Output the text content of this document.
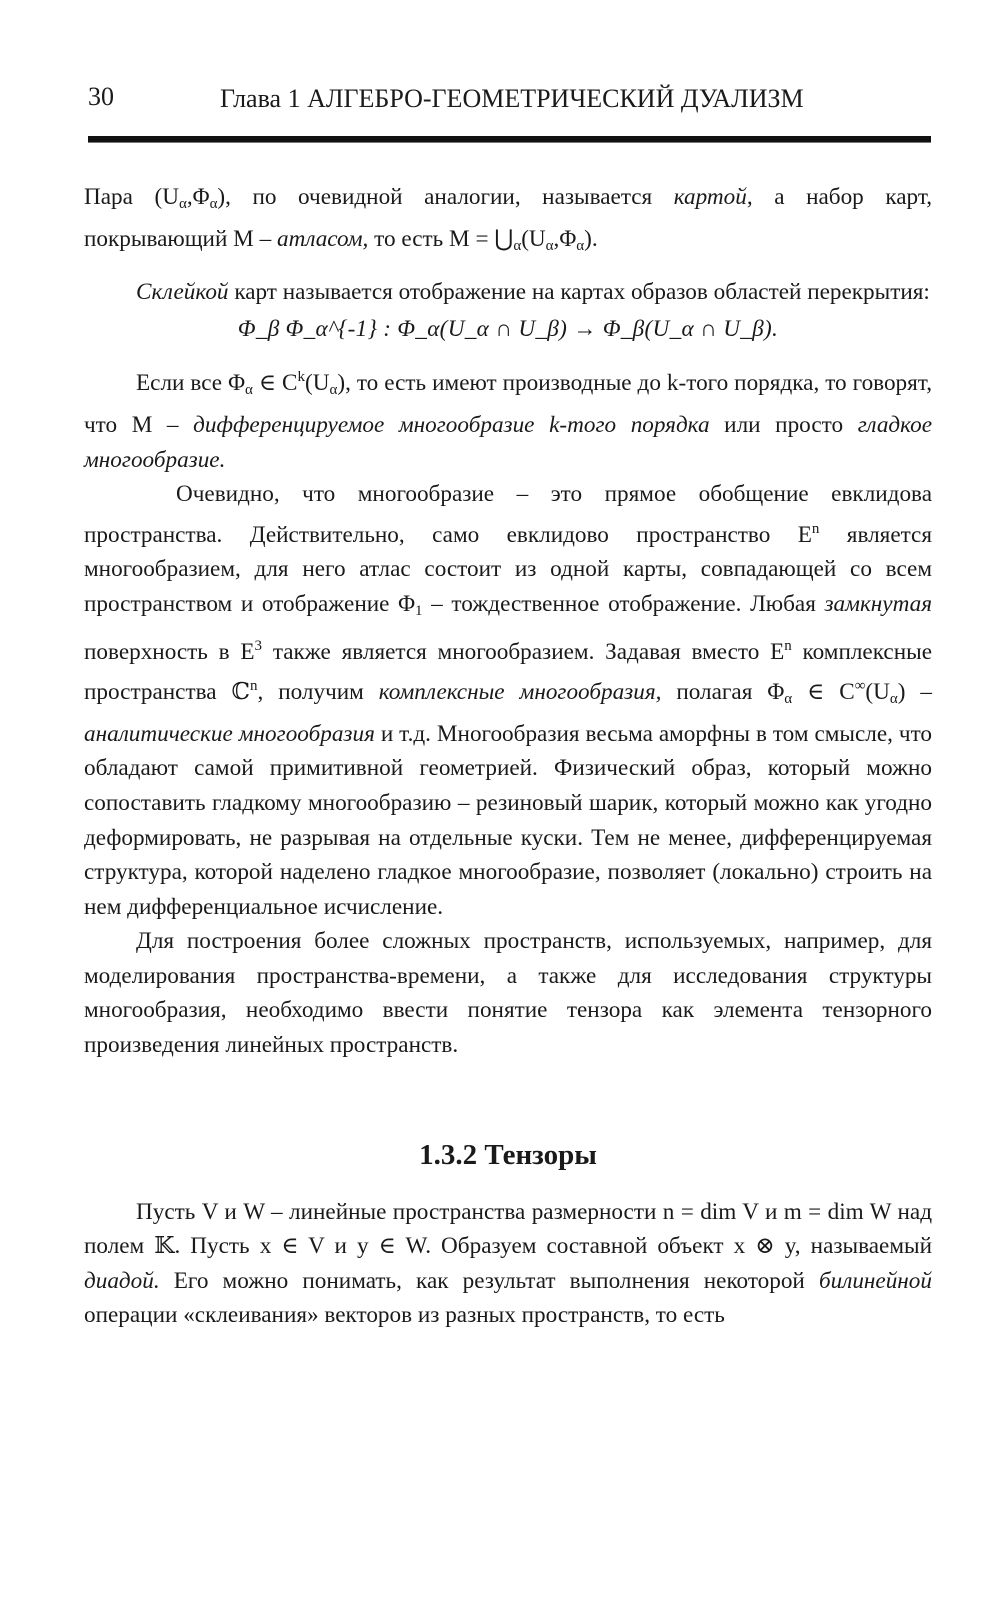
30	Глава 1 АЛГЕБРО-ГЕОМЕТРИЧЕСКИЙ ДУАЛИЗМ

Пара $(U_\alpha,\Phi_\alpha)$, по очевидной аналогии, называется картой, а набор карт, покрывающий M – атласом, то есть $M = ⋃_\alpha(U_\alpha,\Phi_\alpha)$.

Склейкой карт называется отображение на картах образов областей перекрытия:

Φ_β Φ_α^{-1} : Φ_α(U_α ∩ U_β) → Φ_β(U_α ∩ U_β).

Если все $\Phi_\alpha$ ∈ $C^k(U_\alpha)$, то есть имеют производные до k-того порядка, то говорят, что M – дифференцируемое многообразие k-того порядка или просто гладкое многообразие.

Очевидно, что многообразие – это прямое обобщение евклидова пространства. Действительно, само евклидово пространство $E^n$ является многообразием, для него атлас состоит из одной карты, совпадающей со всем пространством и отображение $\Phi_1$ – тождественное отображение. Любая замкнутая поверхность в $E^3$ также является многообразием. Задавая вместо $E^n$ комплексные пространства ℂ$^n$, получим комплексные многообразия, полагая $\Phi_\alpha$ ∈ $C^\infty(U_\alpha)$ – аналитические многообразия и т.д. Многообразия весьма аморфны в том смысле, что обладают самой примитивной геометрией. Физический образ, который можно сопоставить гладкому многообразию – резиновый шарик, который можно как угодно деформировать, не разрывая на отдельные куски. Тем не менее, дифференцируемая структура, которой наделено гладкое многообразие, позволяет (локально) строить на нем дифференциальное исчисление.

Для построения более сложных пространств, используемых, например, для моделирования пространства-времени, а также для исследования структуры многообразия, необходимо ввести понятие тензора как элемента тензорного произведения линейных пространств.

1.3.2 Тензоры

Пусть V и W – линейные пространства размерности n = dim V и m = dim W над полем 𝕂. Пусть x ∈ V и y ∈ W. Образуем составной объект x ⊗ y, называемый диадой. Его можно понимать, как результат выполнения некоторой билинейной операции «склеивания» векторов из разных пространств, то есть
